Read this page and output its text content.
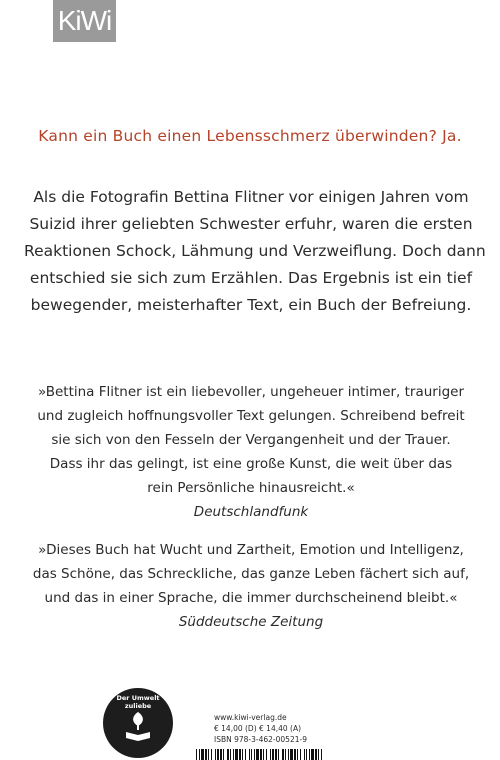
KiWi
Kann ein Buch einen Lebensschmerz überwinden? Ja.
Als die Fotografin Bettina Flitner vor einigen Jahren vom
Suizid ihrer geliebten Schwester erfuhr, waren die ersten
Reaktionen Schock, Lähmung und Verzweiflung. Doch dann
entschied sie sich zum Erzählen. Das Ergebnis ist ein tief
bewegender, meisterhafter Text, ein Buch der Befreiung.
»Bettina Flitner ist ein liebevoller, ungeheuer intimer, trauriger
und zugleich hoffnungsvoller Text gelungen. Schreibend befreit
sie sich von den Fesseln der Vergangenheit und der Trauer.
Dass ihr das gelingt, ist eine große Kunst, die weit über das
rein Persönliche hinausreicht.«
Deutschlandfunk
»Dieses Buch hat Wucht und Zartheit, Emotion und Intelligenz,
das Schöne, das Schreckliche, das ganze Leben fächert sich auf,
und das in einer Sprache, die immer durchscheinend bleibt.«
Süddeutsche Zeitung
Der Umwelt zuliebe
www.kiwi-verlag.de
€ 14,00 (D) € 14,40 (A)
ISBN 978-3-462-00521-9
